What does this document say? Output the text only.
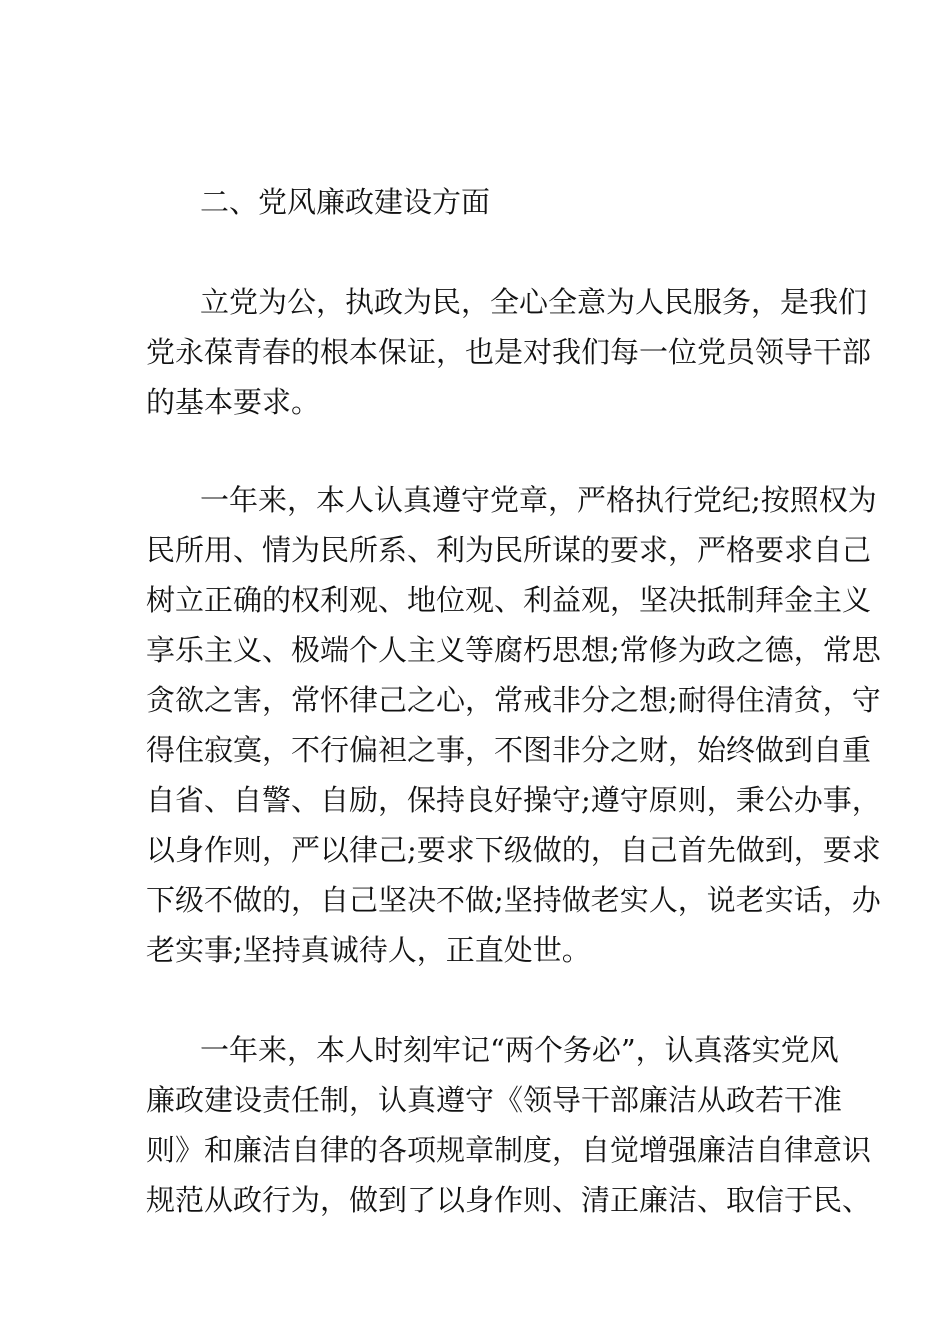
二、党风廉政建设方面
立党为公，执政为民，全心全意为人民服务，是我们
党永葆青春的根本保证，也是对我们每一位党员领导干部
的基本要求。
一年来，本人认真遵守党章，严格执行党纪;按照权为
民所用、情为民所系、利为民所谋的要求，严格要求自己
树立正确的权利观、地位观、利益观，坚决抵制拜金主义
享乐主义、极端个人主义等腐朽思想;常修为政之德，常思
贪欲之害，常怀律己之心，常戒非分之想;耐得住清贫，守
得住寂寞，不行偏袒之事，不图非分之财，始终做到自重
自省、自警、自励，保持良好操守;遵守原则，秉公办事，
以身作则，严以律己;要求下级做的，自己首先做到，要求
下级不做的，自己坚决不做;坚持做老实人，说老实话，办
老实事;坚持真诚待人，正直处世。
一年来，本人时刻牢记“两个务必”，认真落实党风
廉政建设责任制，认真遵守《领导干部廉洁从政若干准
则》和廉洁自律的各项规章制度，自觉增强廉洁自律意识
规范从政行为，做到了以身作则、清正廉洁、取信于民、
